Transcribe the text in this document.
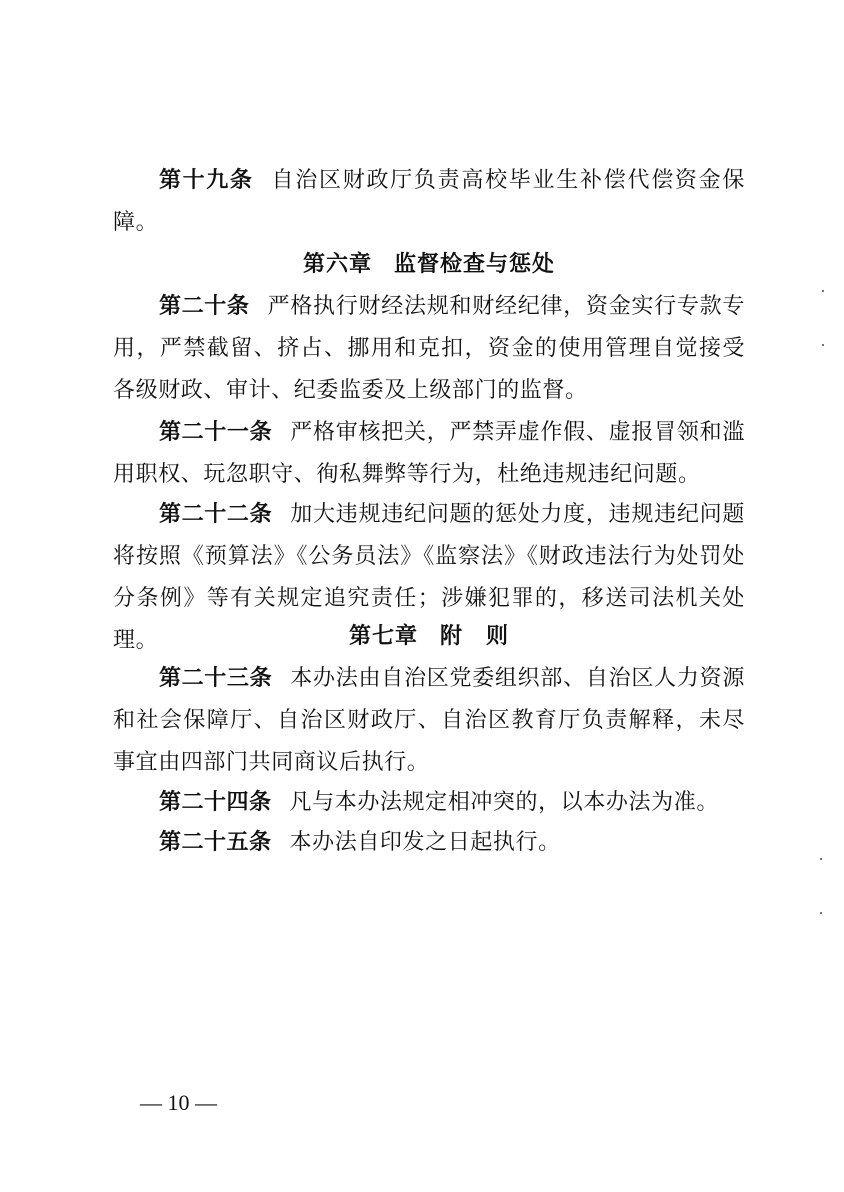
第十九条 自治区财政厅负责高校毕业生补偿代偿资金保障。

第六章 监督检查与惩处

第二十条 严格执行财经法规和财经纪律，资金实行专款专用，严禁截留、挤占、挪用和克扣，资金的使用管理自觉接受各级财政、审计、纪委监委及上级部门的监督。

第二十一条 严格审核把关，严禁弄虚作假、虚报冒领和滥用职权、玩忽职守、徇私舞弊等行为，杜绝违规违纪问题。

第二十二条 加大违规违纪问题的惩处力度，违规违纪问题将按照《预算法》《公务员法》《监察法》《财政违法行为处罚处分条例》等有关规定追究责任；涉嫌犯罪的，移送司法机关处理。	第七章 附　则

第二十三条 本办法由自治区党委组织部、自治区人力资源和社会保障厅、自治区财政厅、自治区教育厅负责解释，未尽事宜由四部门共同商议后执行。

第二十四条 凡与本办法规定相冲突的，以本办法为准。

第二十五条 本办法自印发之日起执行。

— 10 —
